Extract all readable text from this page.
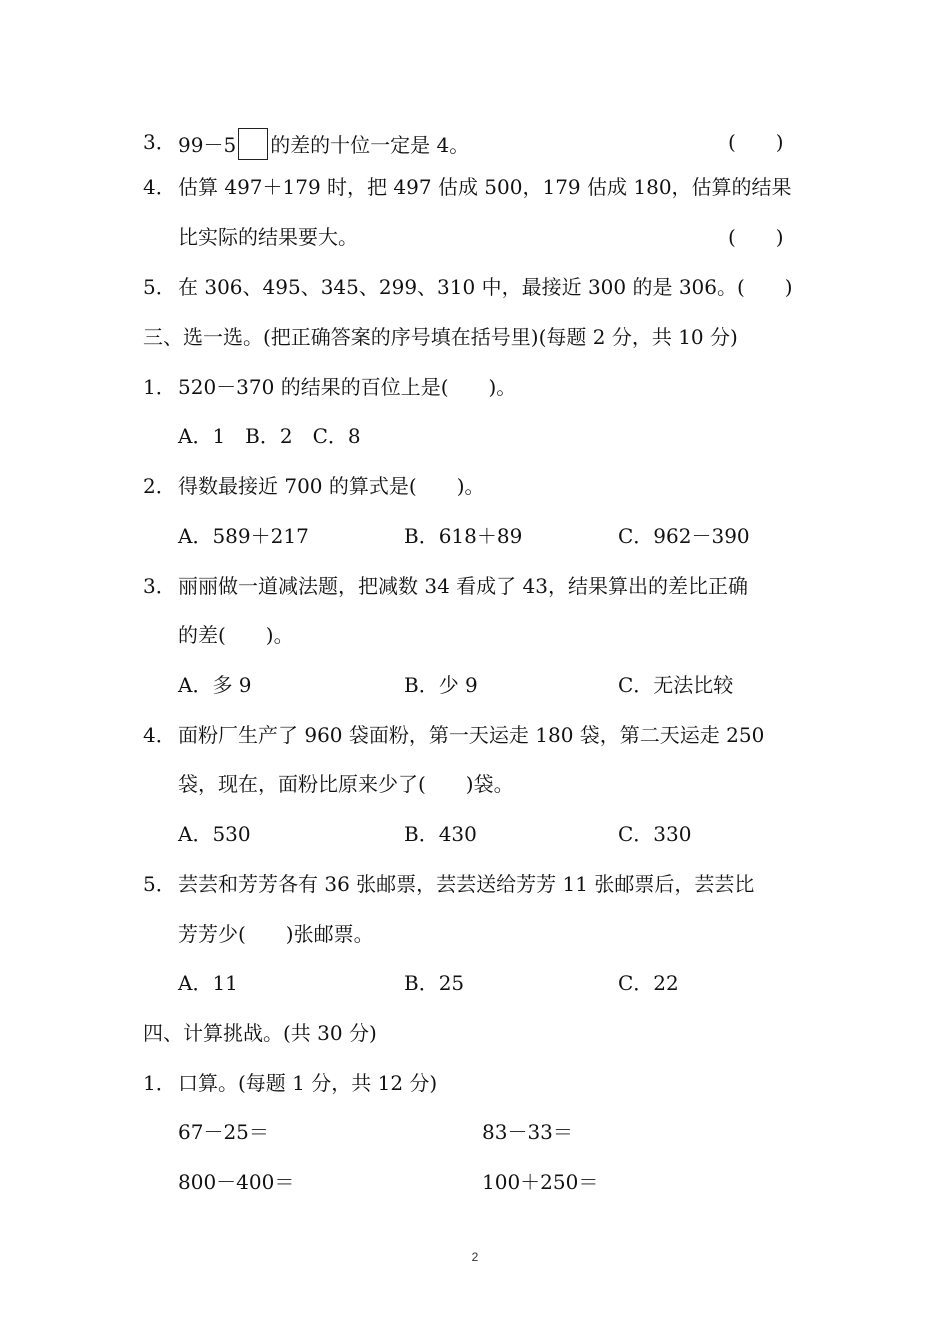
3． 99－5 的差的十位一定是 4。	(　　)
4． 估算 497＋179 时，把 497 估成 500，179 估成 180，估算的结果
比实际的结果要大。	(　　)
5． 在 306、495、345、299、310 中，最接近 300 的是 306。(　　)
三、选一选。(把正确答案的序号填在括号里)(每题 2 分，共 10 分)
1． 520－370 的结果的百位上是(　　)。
A．1　B．2　C．8
2． 得数最接近 700 的算式是(　　)。
A．589＋217	B．618＋89	C．962－390
3． 丽丽做一道减法题，把减数 34 看成了 43，结果算出的差比正确
的差(　　)。
A．多 9	B．少 9	C．无法比较
4． 面粉厂生产了 960 袋面粉，第一天运走 180 袋，第二天运走 250
袋，现在，面粉比原来少了(　　)袋。
A．530	B．430	C．330
5． 芸芸和芳芳各有 36 张邮票，芸芸送给芳芳 11 张邮票后，芸芸比
芳芳少(　　)张邮票。
A．11	B．25	C．22
四、计算挑战。(共 30 分)
1． 口算。(每题 1 分，共 12 分)
67－25＝	83－33＝
800－400＝	100＋250＝
2
